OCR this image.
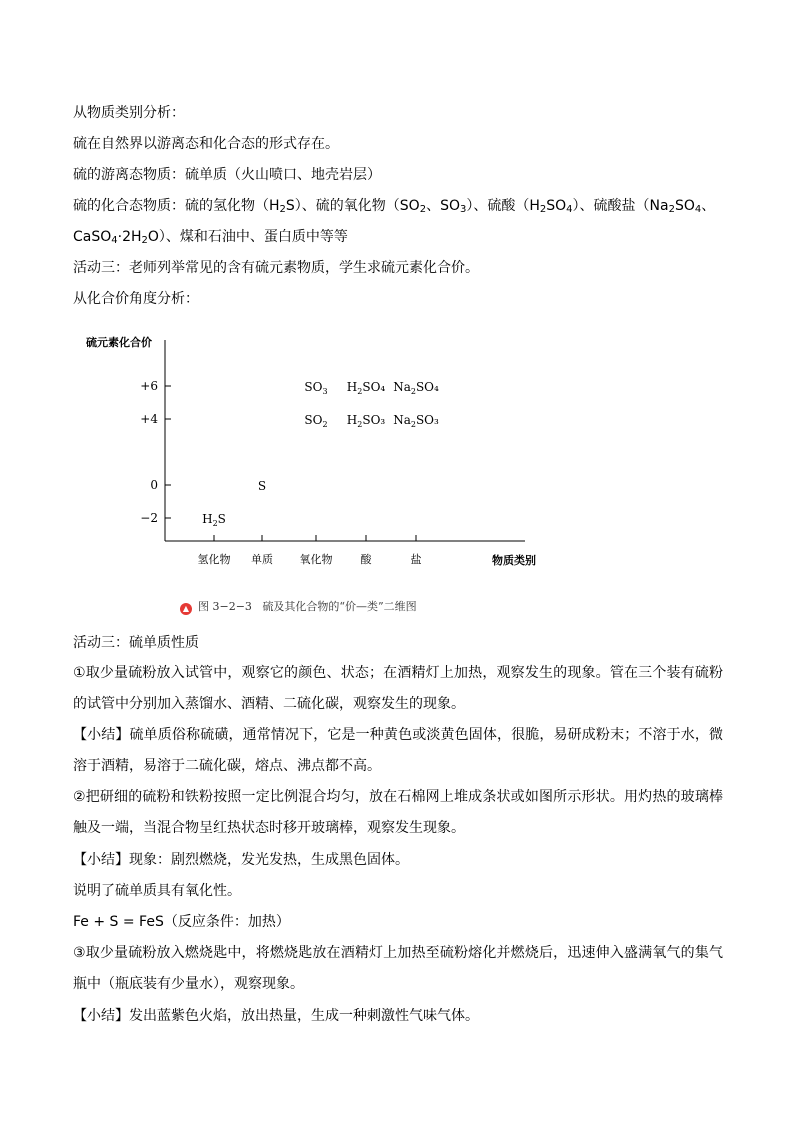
从物质类别分析：
硫在自然界以游离态和化合态的形式存在。
硫的游离态物质：硫单质（火山喷口、地壳岩层）
硫的化合态物质：硫的氢化物$(H_2S)$、硫的氧化物（$SO_2$、$SO_3$）、硫酸$(H_2SO_4)$、硫酸盐（$Na_2SO_4$、
$CaSO_4\cdot 2H_2O$）、煤和石油中、蛋白质中等等
活动三：老师列举常见的含有硫元素物质，学生求硫元素化合价。
从化合价角度分析：
硫元素化合价
物质类别
+6
+4
0
−2
氢化物 单质 氧化物	酸	盐
$H_2S$
S
$SO_3$
$SO_2$
$H_2SO_4$
$H_2SO_3$
$Na_2SO_4$
$Na_2SO_3$
▲ 图 3−2−3 硫及其化合物的“价—类”二维图
活动三：硫单质性质
①取少量硫粉放入试管中，观察它的颜色、状态；在酒精灯上加热，观察发生的现象。管在三个装有硫粉的试管中分别加入蒸馏水、酒精、二硫化碳，观察发生的现象。
【小结】硫单质俗称硫磺，通常情况下，它是一种黄色或淡黄色固体，很脆，易研成粉末；不溶于水，微溶于酒精，易溶于二硫化碳，熔点、沸点都不高。
②把研细的硫粉和铁粉按照一定比例混合均匀，放在石棉网上堆成条状或如图所示形状。用灼热的玻璃棒触及一端，当混合物呈红热状态时移开玻璃棒，观察发生现象。
【小结】现象：剧烈燃烧，发光发热，生成黑色固体。
说明了硫单质具有氧化性。
Fe + S = FeS（反应条件：加热）
③取少量硫粉放入燃烧匙中，将燃烧匙放在酒精灯上加热至硫粉熔化并燃烧后，迅速伸入盛满氧气的集气瓶中（瓶底装有少量水），观察现象。
【小结】发出蓝紫色火焰，放出热量，生成一种刺激性气味气体。
